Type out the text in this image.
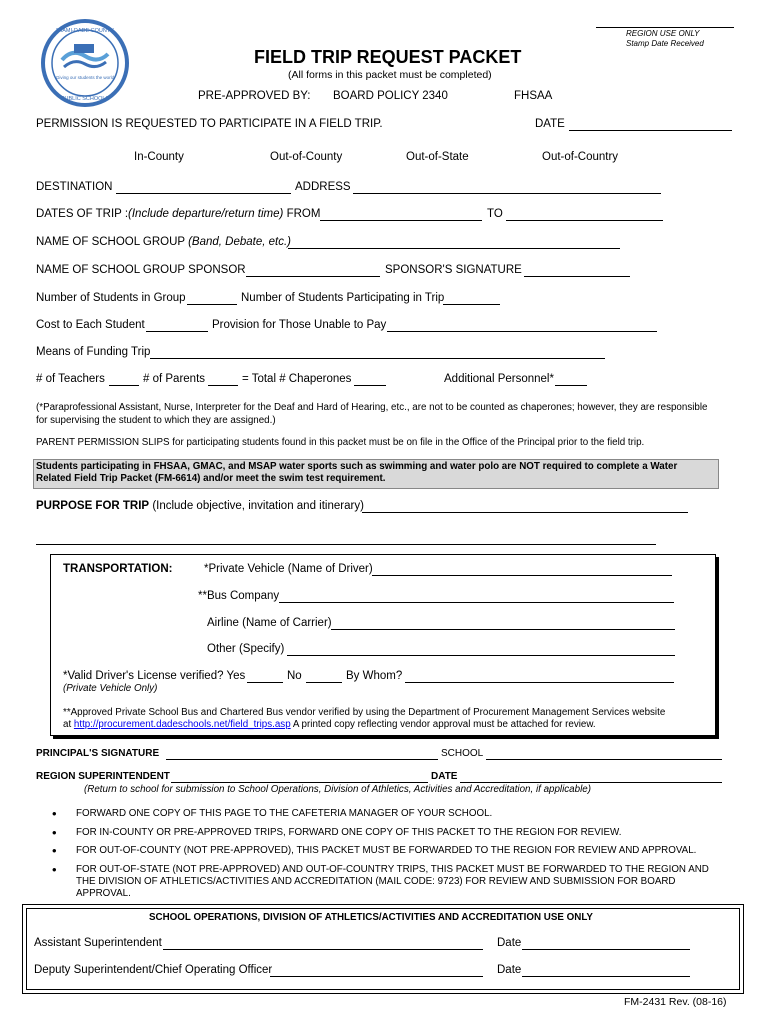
MIAMI-DADE COUNTY
Giving our students the world
PUBLIC SCHOOLS
REGION USE ONLY
Stamp Date Received
FIELD TRIP REQUEST PACKET
(All forms in this packet must be completed)
PRE-APPROVED BY: BOARD POLICY 2340	FHSAA
PERMISSION IS REQUESTED TO PARTICIPATE IN A FIELD TRIP.	DATE
In-County	Out-of-County	Out-of-State	Out-of-Country
DESTINATION	ADDRESS
DATES OF TRIP :(Include departure/return time) FROM	TO
NAME OF SCHOOL GROUP (Band, Debate, etc.)
NAME OF SCHOOL GROUP SPONSOR	SPONSOR'S SIGNATURE
Number of Students in Group	Number of Students Participating in Trip
Cost to Each Student	Provision for Those Unable to Pay
Means of Funding Trip
# of Teachers	# of Parents	= Total # Chaperones	Additional Personnel*
(*Paraprofessional Assistant, Nurse, Interpreter for the Deaf and Hard of Hearing, etc., are not to be counted as chaperones; however, they are responsible
for supervising the student to which they are assigned.)
PARENT PERMISSION SLIPS for participating students found in this packet must be on file in the Office of the Principal prior to the field trip.
Students participating in FHSAA, GMAC, and MSAP water sports such as swimming and water polo are NOT required to complete a Water
Related Field Trip Packet (FM-6614) and/or meet the swim test requirement.
PURPOSE FOR TRIP (Include objective, invitation and itinerary)
TRANSPORTATION:	*Private Vehicle (Name of Driver)
**Bus Company
Airline (Name of Carrier)
Other (Specify)
*Valid Driver's License verified? Yes	No	By Whom?
(Private Vehicle Only)
**Approved Private School Bus and Chartered Bus vendor verified by using the Department of Procurement Management Services website
at http://procurement.dadeschools.net/field_trips.asp A printed copy reflecting vendor approval must be attached for review.
PRINCIPAL'S SIGNATURE	SCHOOL
REGION SUPERINTENDENT	DATE
(Return to school for submission to School Operations, Division of Athletics, Activities and Accreditation, if applicable)
• FORWARD ONE COPY OF THIS PAGE TO THE CAFETERIA MANAGER OF YOUR SCHOOL.
• FOR IN-COUNTY OR PRE-APPROVED TRIPS, FORWARD ONE COPY OF THIS PACKET TO THE REGION FOR REVIEW.
• FOR OUT-OF-COUNTY (NOT PRE-APPROVED), THIS PACKET MUST BE FORWARDED TO THE REGION FOR REVIEW AND APPROVAL.
• FOR OUT-OF-STATE (NOT PRE-APPROVED) AND OUT-OF-COUNTRY TRIPS, THIS PACKET MUST BE FORWARDED TO THE REGION AND
THE DIVISION OF ATHLETICS/ACTIVITIES AND ACCREDITATION (MAIL CODE: 9723) FOR REVIEW AND SUBMISSION FOR BOARD
APPROVAL.
SCHOOL OPERATIONS, DIVISION OF ATHLETICS/ACTIVITIES AND ACCREDITATION USE ONLY
Assistant Superintendent	Date
Deputy Superintendent/Chief Operating Officer	Date
FM-2431 Rev. (08-16)
